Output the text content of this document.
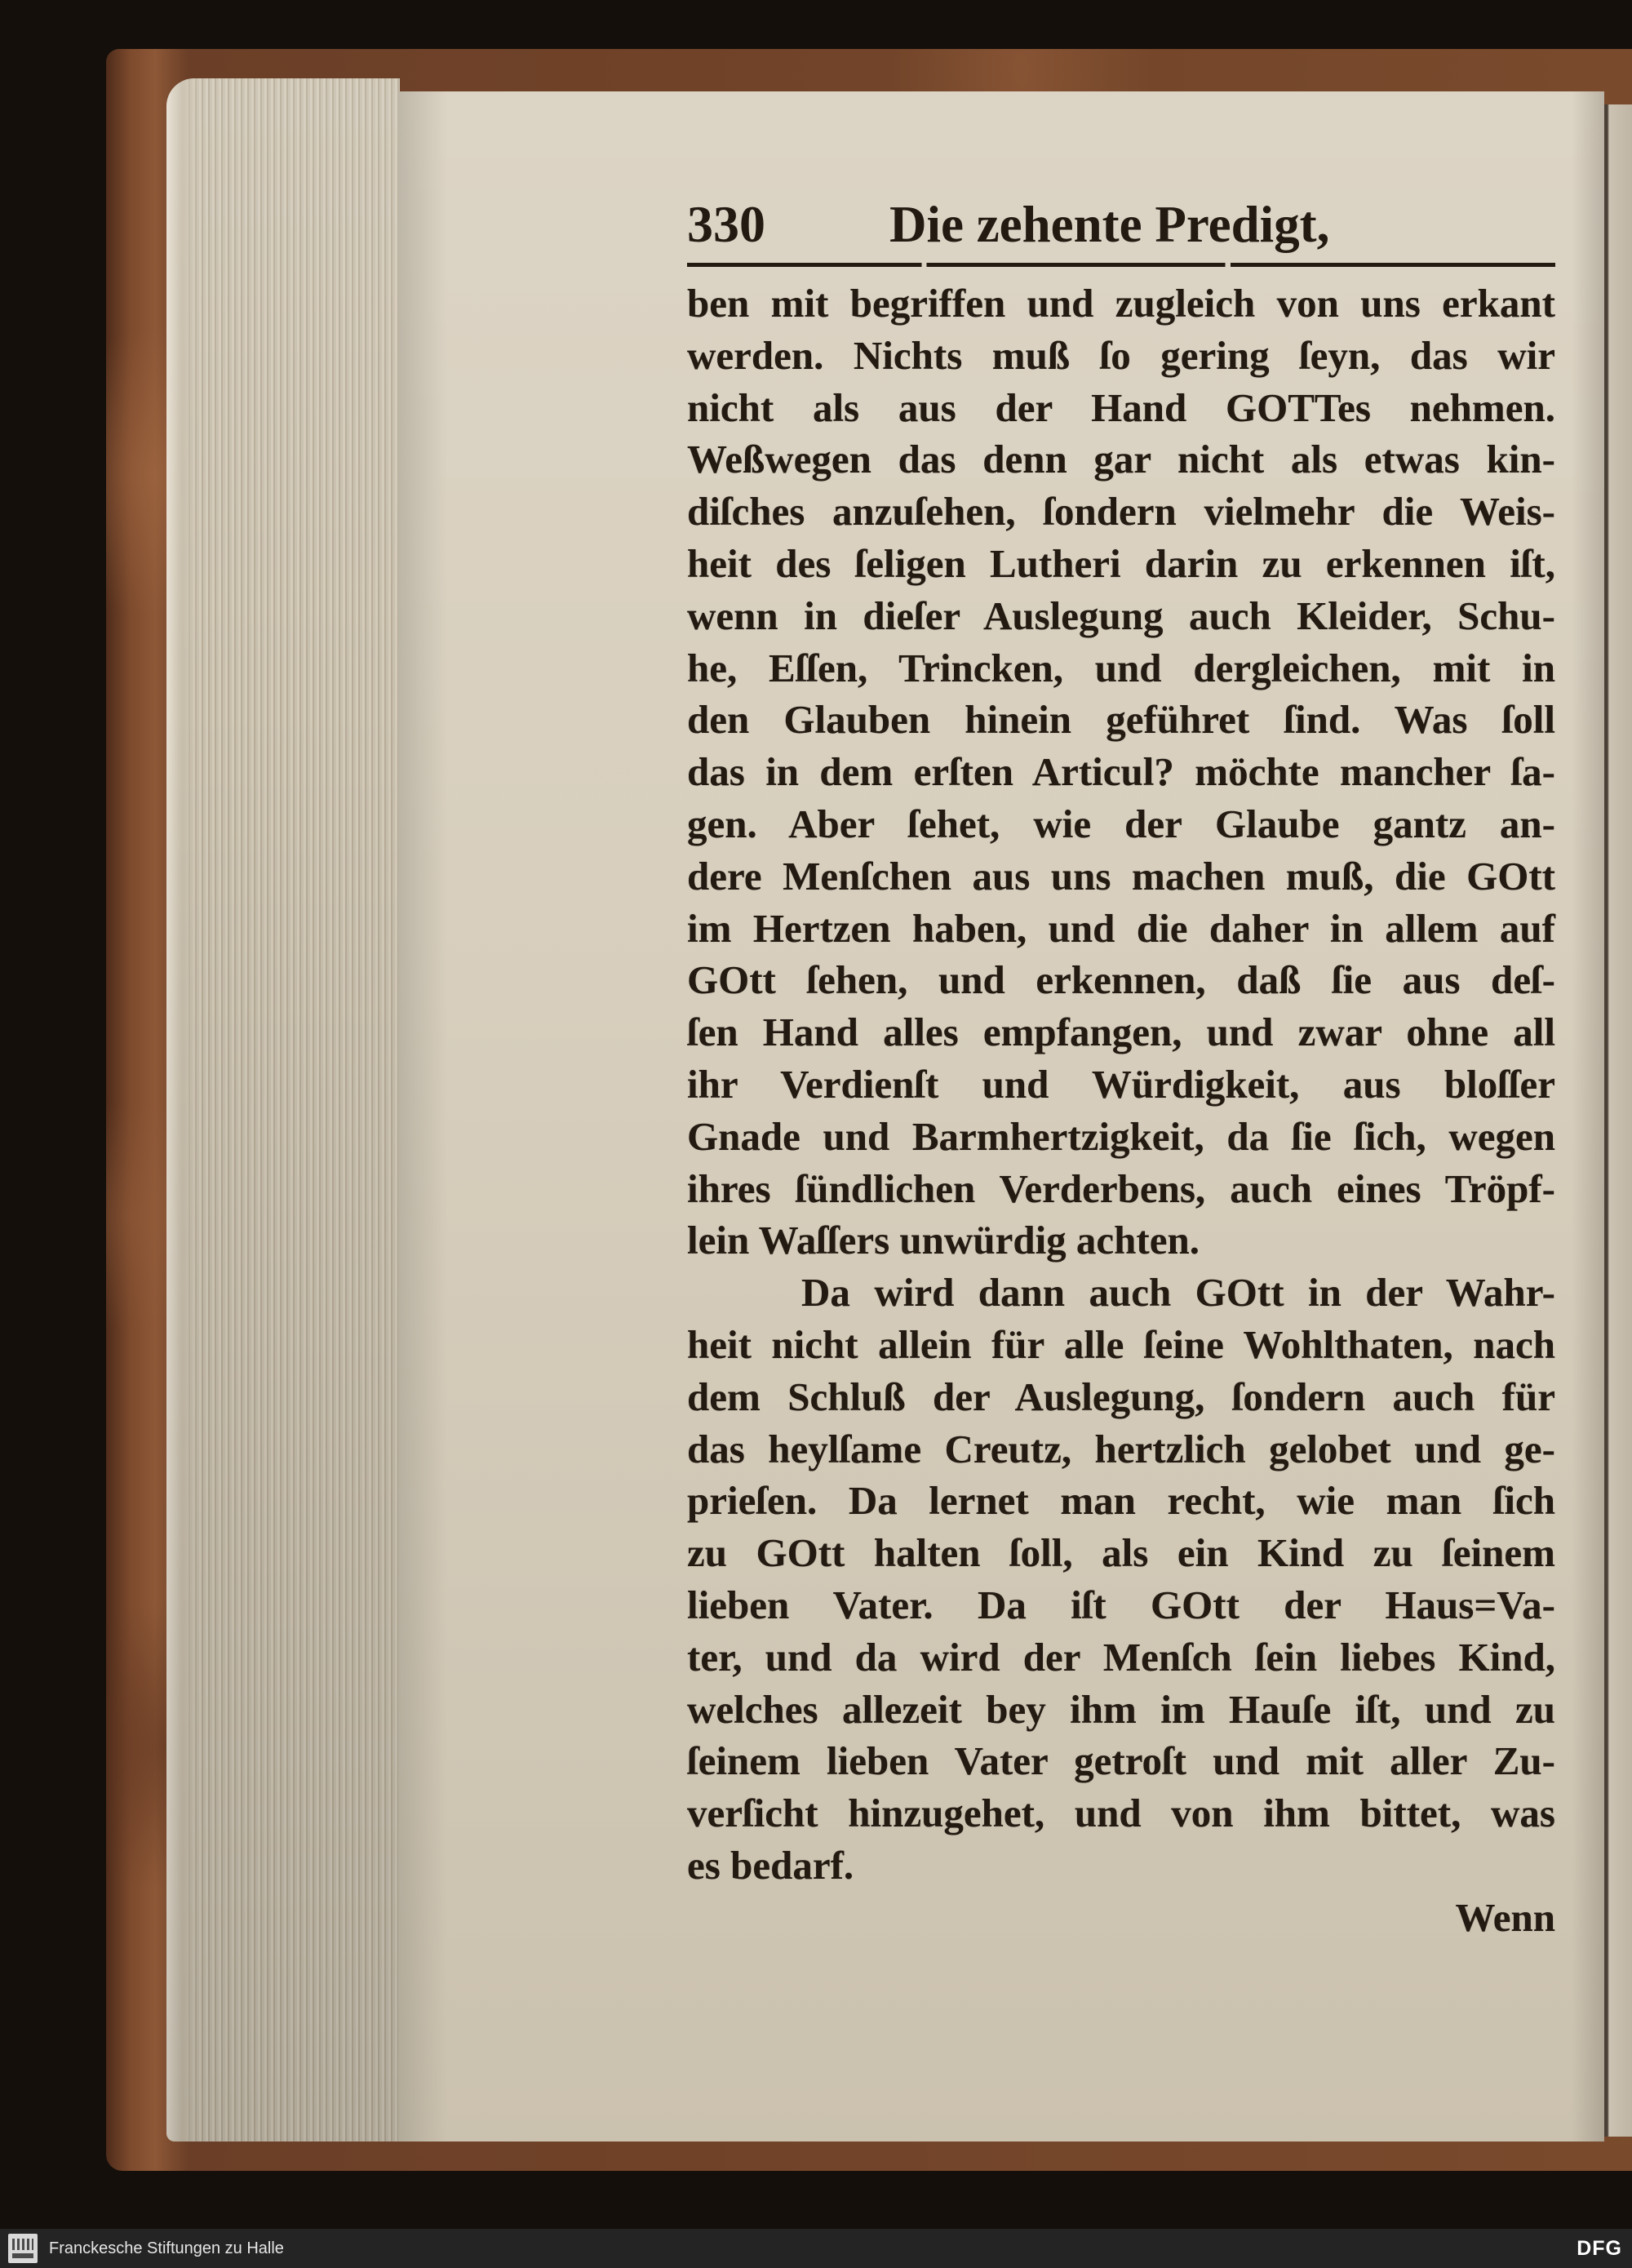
330 Die zehente Predigt,
ben mit begriffen und zugleich von uns erkant
werden. Nichts muß ſo gering ſeyn, das wir
nicht als aus der Hand GOTTes nehmen.
Weßwegen das denn gar nicht als etwas kin-
diſches anzuſehen, ſondern vielmehr die Weis-
heit des ſeligen Lutheri darin zu erkennen iſt,
wenn in dieſer Auslegung auch Kleider, Schu-
he, Eſſen, Trincken, und dergleichen, mit in
den Glauben hinein geführet ſind. Was ſoll
das in dem erſten Articul? möchte mancher ſa-
gen. Aber ſehet, wie der Glaube gantz an-
dere Menſchen aus uns machen muß, die GOtt
im Hertzen haben, und die daher in allem auf
GOtt ſehen, und erkennen, daß ſie aus deſ-
ſen Hand alles empfangen, und zwar ohne all
ihr Verdienſt und Würdigkeit, aus bloſſer
Gnade und Barmhertzigkeit, da ſie ſich, wegen
ihres ſündlichen Verderbens, auch eines Tröpf-
lein Waſſers unwürdig achten.
Da wird dann auch GOtt in der Wahr-
heit nicht allein für alle ſeine Wohlthaten, nach
dem Schluß der Auslegung, ſondern auch für
das heylſame Creutz, hertzlich gelobet und ge-
prieſen. Da lernet man recht, wie man ſich
zu GOtt halten ſoll, als ein Kind zu ſeinem
lieben Vater. Da iſt GOtt der Haus=Va-
ter, und da wird der Menſch ſein liebes Kind,
welches allezeit bey ihm im Hauſe iſt, und zu
ſeinem lieben Vater getroſt und mit aller Zu-
verſicht hinzugehet, und von ihm bittet, was
es bedarf.
Wenn
Franckesche Stiftungen zu Halle	DFG
